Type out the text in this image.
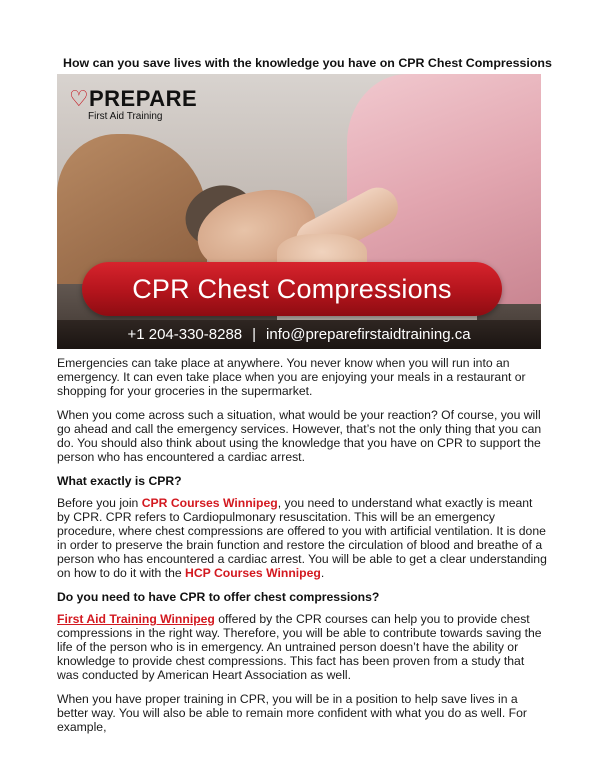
How can you save lives with the knowledge you have on CPR Chest Compressions
♡ PREPARE
First Aid Training
CPR Chest Compressions
+1 204-330-8288 | info@preparefirstaidtraining.ca

Emergencies can take place at anywhere. You never know when you will run into an emergency. It can even take place when you are enjoying your meals in a restaurant or shopping for your groceries in the supermarket.

When you come across such a situation, what would be your reaction? Of course, you will go ahead and call the emergency services. However, that’s not the only thing that you can do. You should also think about using the knowledge that you have on CPR to support the person who has encountered a cardiac arrest.

What exactly is CPR?

Before you join CPR Courses Winnipeg, you need to understand what exactly is meant by CPR. CPR refers to Cardiopulmonary resuscitation. This will be an emergency procedure, where chest compressions are offered to you with artificial ventilation. It is done in order to preserve the brain function and restore the circulation of blood and breathe of a person who has encountered a cardiac arrest. You will be able to get a clear understanding on how to do it with the HCP Courses Winnipeg.

Do you need to have CPR to offer chest compressions?

First Aid Training Winnipeg offered by the CPR courses can help you to provide chest compressions in the right way. Therefore, you will be able to contribute towards saving the life of the person who is in emergency. An untrained person doesn’t have the ability or knowledge to provide chest compressions. This fact has been proven from a study that was conducted by American Heart Association as well.

When you have proper training in CPR, you will be in a position to help save lives in a better way. You will also be able to remain more confident with what you do as well. For example,
